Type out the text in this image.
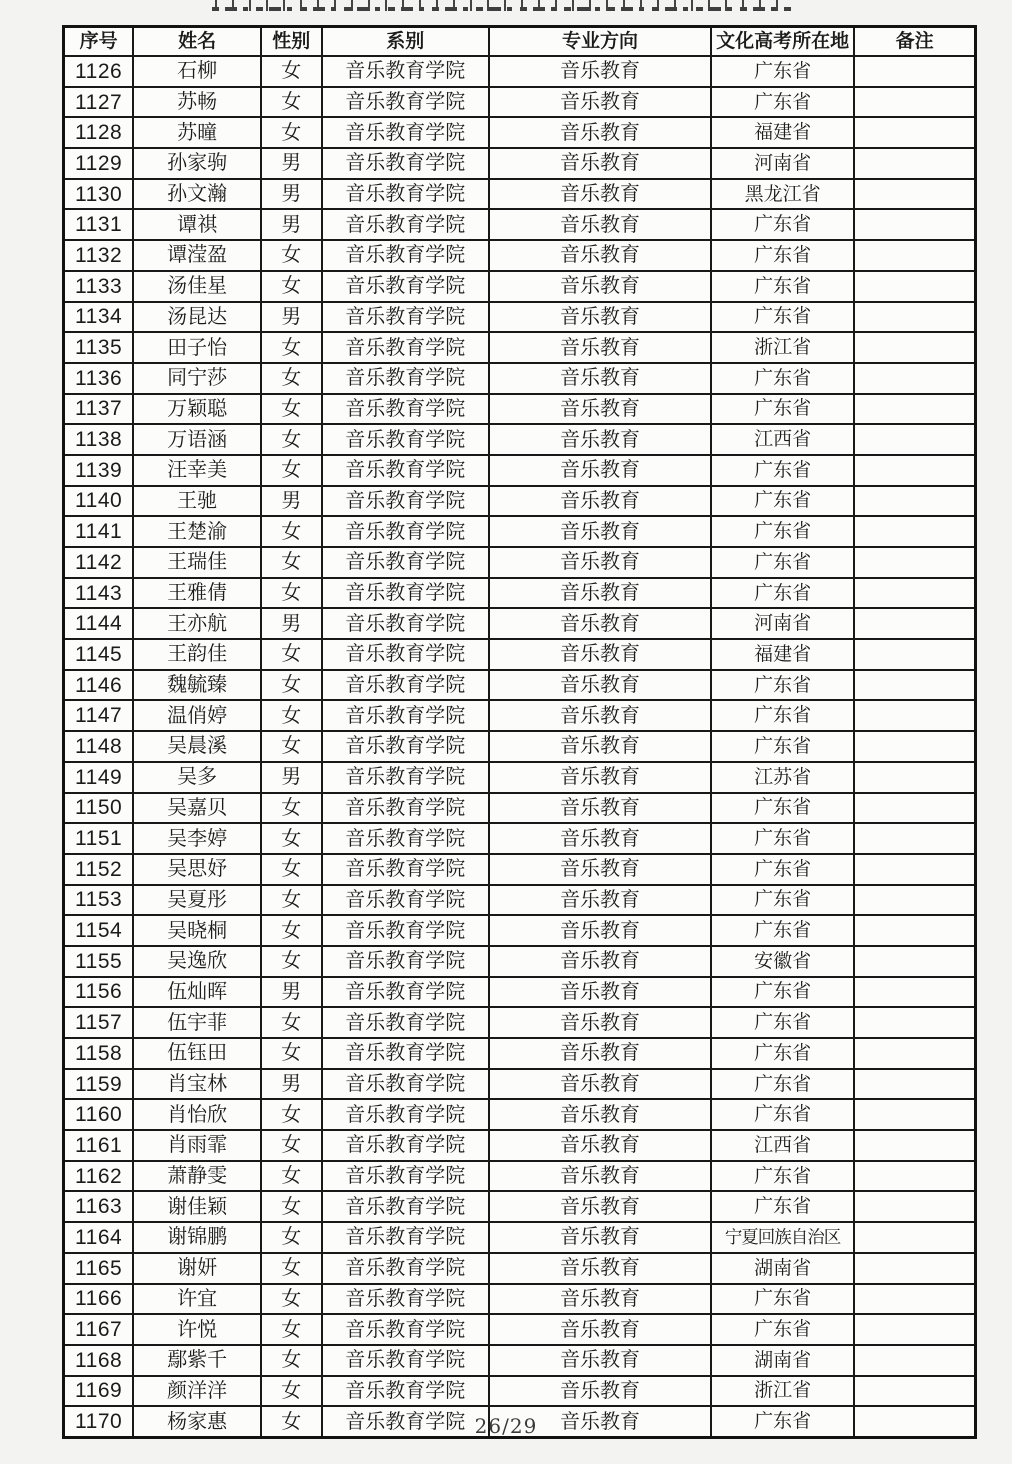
序号	姓名	性别	系别	专业方向	文化高考所在地	备注
1126	石柳	女	音乐教育学院	音乐教育	广东省	
1127	苏畅	女	音乐教育学院	音乐教育	广东省	
1128	苏曈	女	音乐教育学院	音乐教育	福建省	
1129	孙家驹	男	音乐教育学院	音乐教育	河南省	
1130	孙文瀚	男	音乐教育学院	音乐教育	黑龙江省	
1131	谭祺	男	音乐教育学院	音乐教育	广东省	
1132	谭滢盈	女	音乐教育学院	音乐教育	广东省	
1133	汤佳星	女	音乐教育学院	音乐教育	广东省	
1134	汤昆达	男	音乐教育学院	音乐教育	广东省	
1135	田子怡	女	音乐教育学院	音乐教育	浙江省	
1136	同宁莎	女	音乐教育学院	音乐教育	广东省	
1137	万颖聪	女	音乐教育学院	音乐教育	广东省	
1138	万语涵	女	音乐教育学院	音乐教育	江西省	
1139	汪幸美	女	音乐教育学院	音乐教育	广东省	
1140	王驰	男	音乐教育学院	音乐教育	广东省	
1141	王楚渝	女	音乐教育学院	音乐教育	广东省	
1142	王瑞佳	女	音乐教育学院	音乐教育	广东省	
1143	王雅倩	女	音乐教育学院	音乐教育	广东省	
1144	王亦航	男	音乐教育学院	音乐教育	河南省	
1145	王韵佳	女	音乐教育学院	音乐教育	福建省	
1146	魏毓臻	女	音乐教育学院	音乐教育	广东省	
1147	温俏婷	女	音乐教育学院	音乐教育	广东省	
1148	吴晨溪	女	音乐教育学院	音乐教育	广东省	
1149	吴多	男	音乐教育学院	音乐教育	江苏省	
1150	吴嘉贝	女	音乐教育学院	音乐教育	广东省	
1151	吴李婷	女	音乐教育学院	音乐教育	广东省	
1152	吴思妤	女	音乐教育学院	音乐教育	广东省	
1153	吴夏彤	女	音乐教育学院	音乐教育	广东省	
1154	吴晓桐	女	音乐教育学院	音乐教育	广东省	
1155	吴逸欣	女	音乐教育学院	音乐教育	安徽省	
1156	伍灿晖	男	音乐教育学院	音乐教育	广东省	
1157	伍宇菲	女	音乐教育学院	音乐教育	广东省	
1158	伍钰田	女	音乐教育学院	音乐教育	广东省	
1159	肖宝林	男	音乐教育学院	音乐教育	广东省	
1160	肖怡欣	女	音乐教育学院	音乐教育	广东省	
1161	肖雨霏	女	音乐教育学院	音乐教育	江西省	
1162	萧静雯	女	音乐教育学院	音乐教育	广东省	
1163	谢佳颖	女	音乐教育学院	音乐教育	广东省	
1164	谢锦鹏	女	音乐教育学院	音乐教育	宁夏回族自治区	
1165	谢妍	女	音乐教育学院	音乐教育	湖南省	
1166	许宜	女	音乐教育学院	音乐教育	广东省	
1167	许悦	女	音乐教育学院	音乐教育	广东省	
1168	鄢紫千	女	音乐教育学院	音乐教育	湖南省	
1169	颜洋洋	女	音乐教育学院	音乐教育	浙江省	
1170	杨家惠	女	音乐教育学院	音乐教育	广东省	
26/29
